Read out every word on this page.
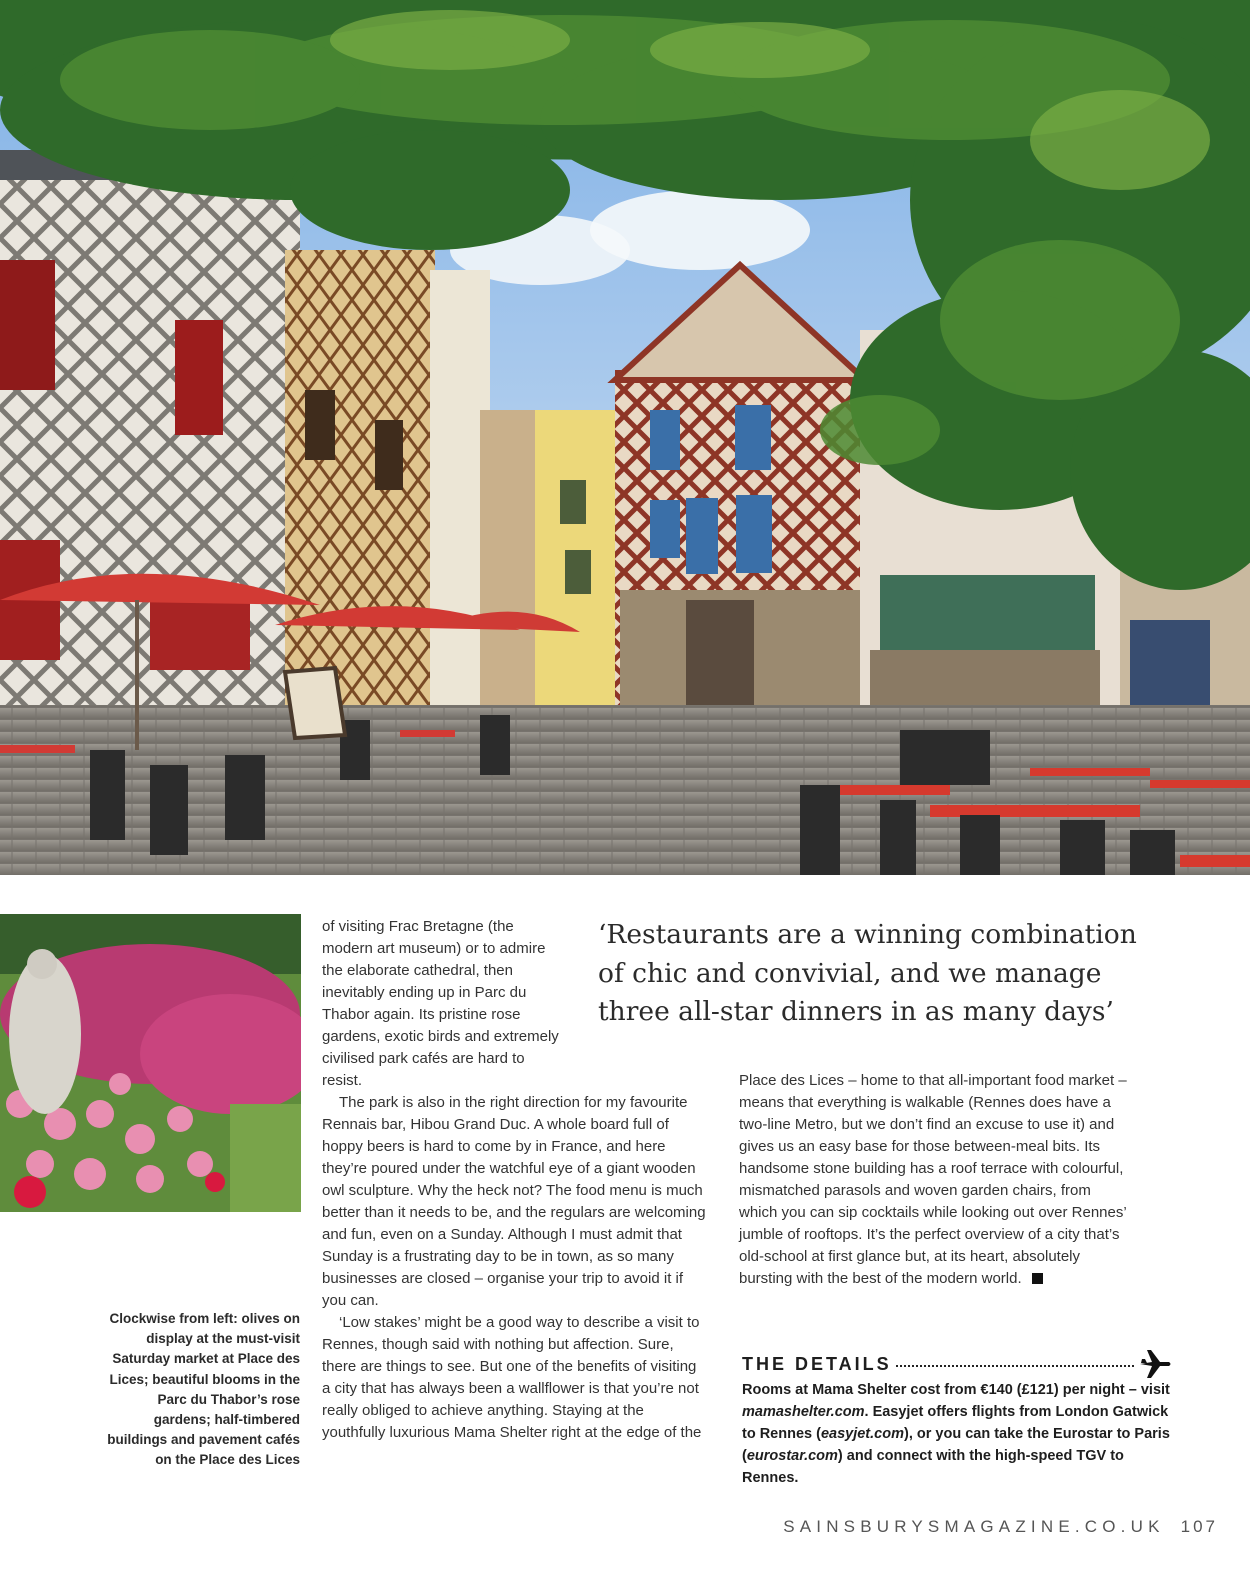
Clockwise from left: olives on display at the must-visit Saturday market at Place des Lices; beautiful blooms in the Parc du Thabor’s rose gardens; half-timbered buildings and pavement cafés on the Place des Lices

of visiting Frac Bretagne (the modern art museum) or to admire the elaborate cathedral, then inevitably ending up in Parc du Thabor again. Its pristine rose gardens, exotic birds and extremely civilised park cafés are hard to resist.

The park is also in the right direction for my favourite Rennais bar, Hibou Grand Duc. A whole board full of hoppy beers is hard to come by in France, and here they’re poured under the watchful eye of a giant wooden owl sculpture. Why the heck not? The food menu is much better than it needs to be, and the regulars are welcoming and fun, even on a Sunday. Although I must admit that Sunday is a frustrating day to be in town, as so many businesses are closed – organise your trip to avoid it if you can.

‘Low stakes’ might be a good way to describe a visit to Rennes, though said with nothing but affection. Sure, there are things to see. But one of the benefits of visiting a city that has always been a wallflower is that you’re not really obliged to achieve anything. Staying at the youthfully luxurious Mama Shelter right at the edge of the

‘Restaurants are a winning combination of chic and convivial, and we manage three all-star dinners in as many days’

Place des Lices – home to that all-important food market – means that everything is walkable (Rennes does have a two-line Metro, but we don’t find an excuse to use it) and gives us an easy base for those between-meal bits. Its handsome stone building has a roof terrace with colourful, mismatched parasols and woven garden chairs, from which you can sip cocktails while looking out over Rennes’ jumble of rooftops. It’s the perfect overview of a city that’s old-school at first glance but, at its heart, absolutely bursting with the best of the modern world.

THE DETAILS
Rooms at Mama Shelter cost from €140 (£121) per night – visit mamashelter.com. Easyjet offers flights from London Gatwick to Rennes (easyjet.com), or you can take the Eurostar to Paris (eurostar.com) and connect with the high-speed TGV to Rennes.
SAINSBURYSMAGAZINE.CO.UK 107
